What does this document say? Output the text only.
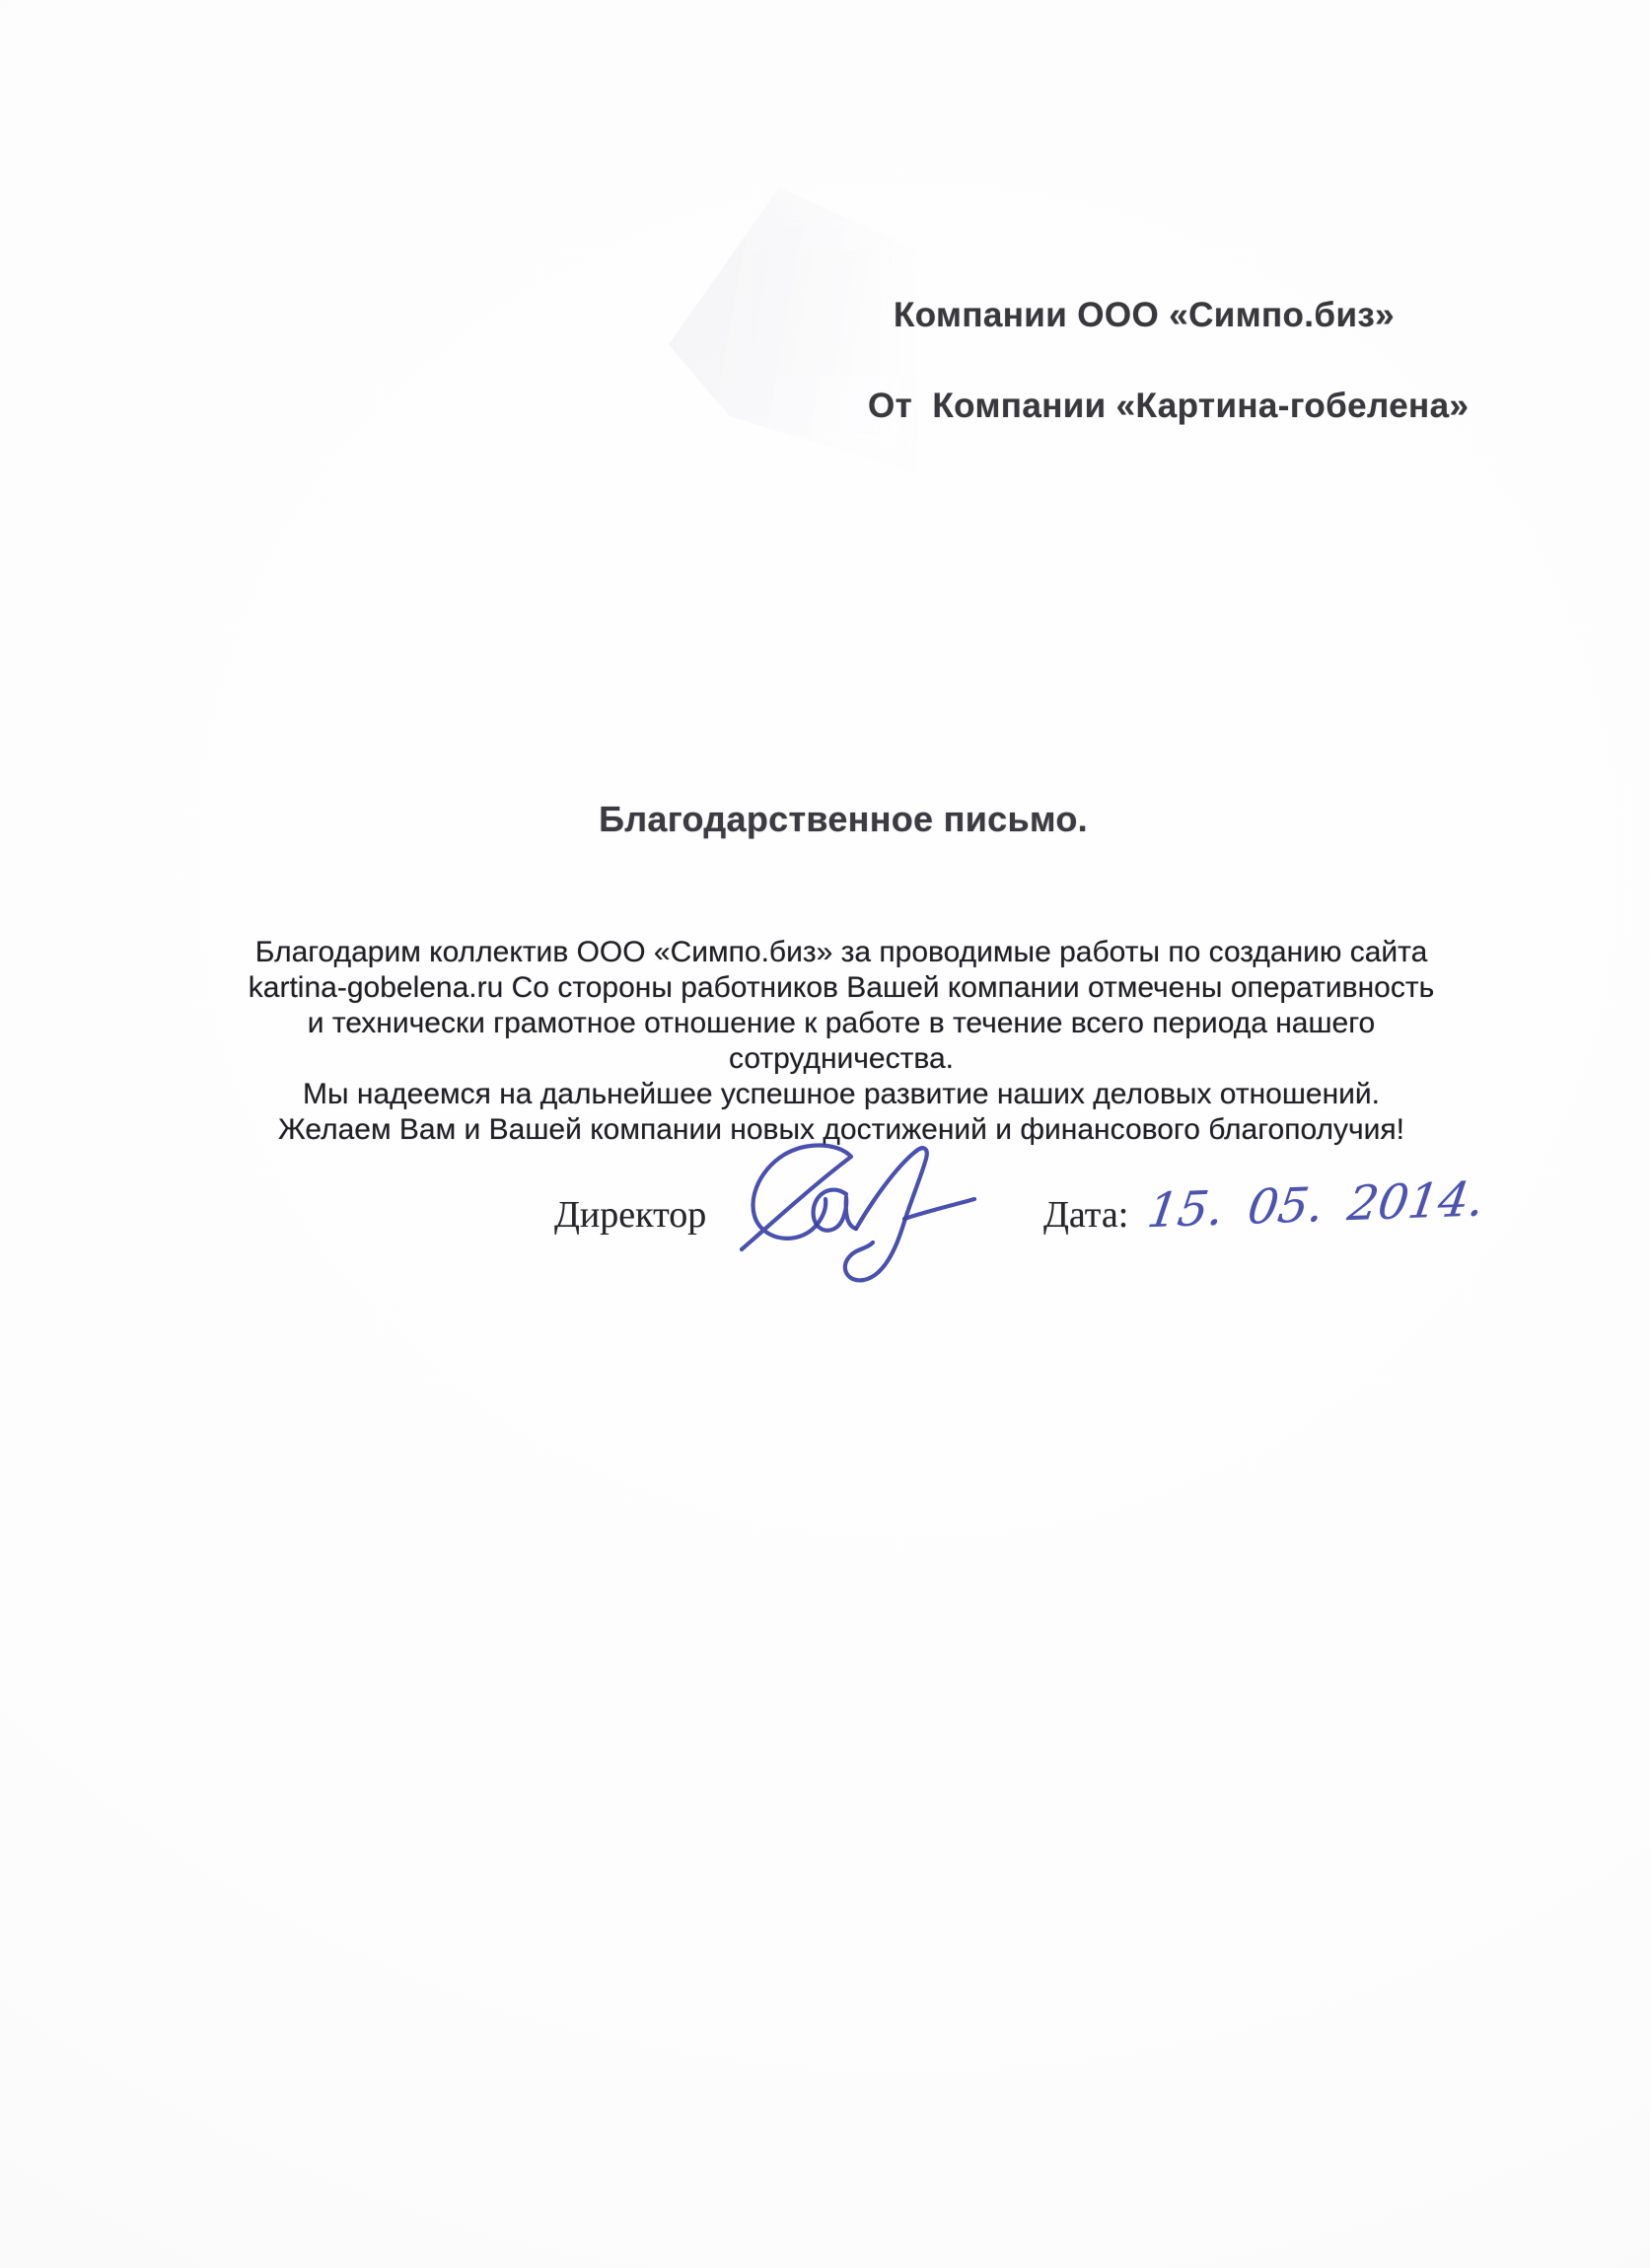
Компании ООО «Симпо.биз»
От  Компании «Картина-гобелена»
Благодарственное письмо.
Благодарим коллектив ООО «Симпо.биз» за проводимые работы по созданию сайта
kartina-gobelena.ru Со стороны работников Вашей компании отмечены оперативность
и технически грамотное отношение к работе в течение всего периода нашего
сотрудничества.
Мы надеемся на дальнейшее успешное развитие наших деловых отношений.
Желаем Вам и Вашей компании новых достижений и финансового благополучия!
Директор	Дата: 15. 05. 2014.
